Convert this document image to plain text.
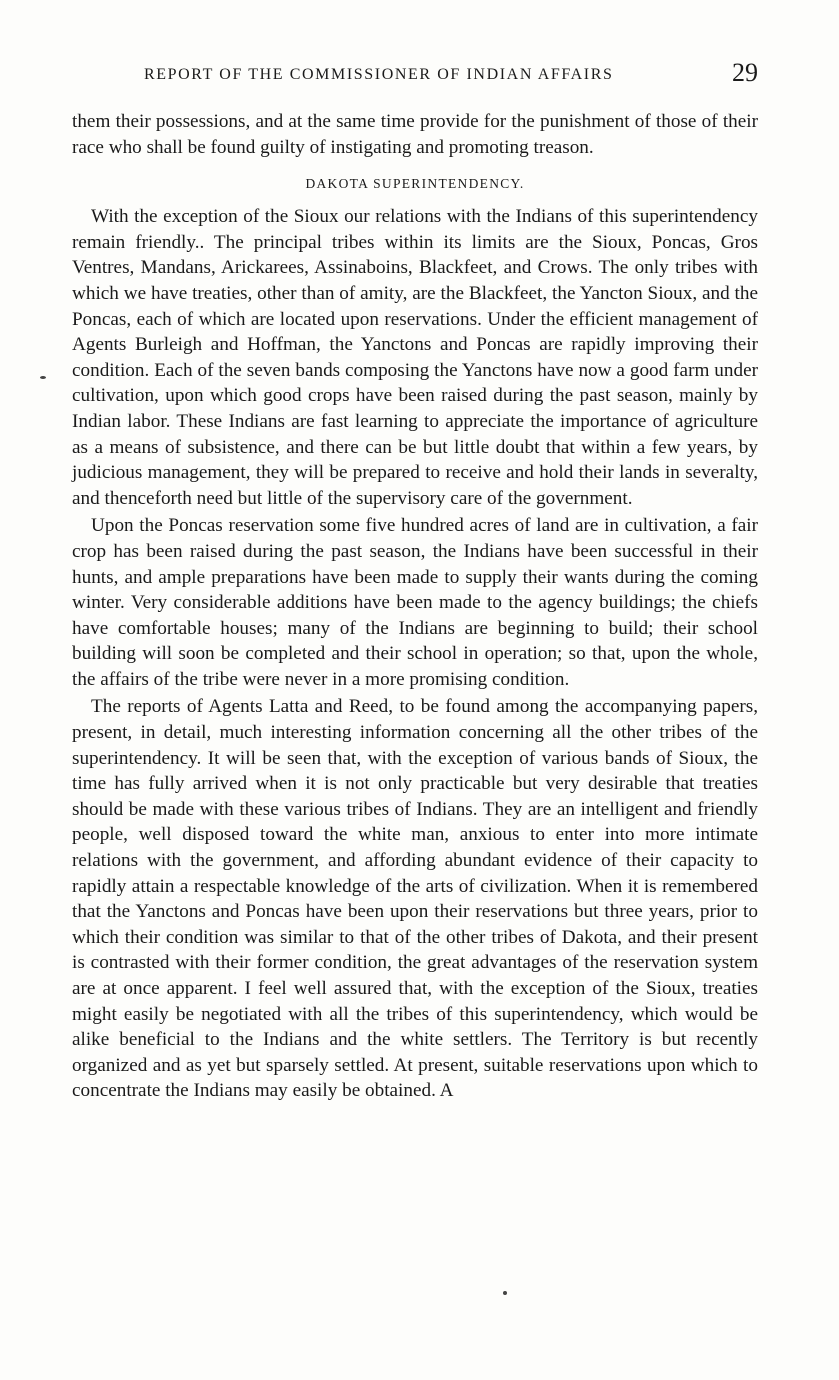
REPORT OF THE COMMISSIONER OF INDIAN AFFAIRS	29

them their possessions, and at the same time provide for the punishment of those of their race who shall be found guilty of instigating and promoting treason.

DAKOTA SUPERINTENDENCY.

With the exception of the Sioux our relations with the Indians of this superintendency remain friendly.. The principal tribes within its limits are the Sioux, Poncas, Gros Ventres, Mandans, Arickarees, Assinaboins, Blackfeet, and Crows. The only tribes with which we have treaties, other than of amity, are the Blackfeet, the Yancton Sioux, and the Poncas, each of which are located upon reservations. Under the efficient management of Agents Burleigh and Hoffman, the Yanctons and Poncas are rapidly improving their condition. Each of the seven bands composing the Yanctons have now a good farm under cultivation, upon which good crops have been raised during the past season, mainly by Indian labor. These Indians are fast learning to appreciate the importance of agriculture as a means of subsistence, and there can be but little doubt that within a few years, by judicious management, they will be prepared to receive and hold their lands in severalty, and thenceforth need but little of the supervisory care of the government.

Upon the Poncas reservation some five hundred acres of land are in cultivation, a fair crop has been raised during the past season, the Indians have been successful in their hunts, and ample preparations have been made to supply their wants during the coming winter. Very considerable additions have been made to the agency buildings; the chiefs have comfortable houses; many of the Indians are beginning to build; their school building will soon be completed and their school in operation; so that, upon the whole, the affairs of the tribe were never in a more promising condition.

The reports of Agents Latta and Reed, to be found among the accompanying papers, present, in detail, much interesting information concerning all the other tribes of the superintendency. It will be seen that, with the exception of various bands of Sioux, the time has fully arrived when it is not only practicable but very desirable that treaties should be made with these various tribes of Indians. They are an intelligent and friendly people, well disposed toward the white man, anxious to enter into more intimate relations with the government, and affording abundant evidence of their capacity to rapidly attain a respectable knowledge of the arts of civilization. When it is remembered that the Yanctons and Poncas have been upon their reservations but three years, prior to which their condition was similar to that of the other tribes of Dakota, and their present is contrasted with their former condition, the great advantages of the reservation system are at once apparent. I feel well assured that, with the exception of the Sioux, treaties might easily be negotiated with all the tribes of this superintendency, which would be alike beneficial to the Indians and the white settlers. The Territory is but recently organized and as yet but sparsely settled. At present, suitable reservations upon which to concentrate the Indians may easily be obtained. A
